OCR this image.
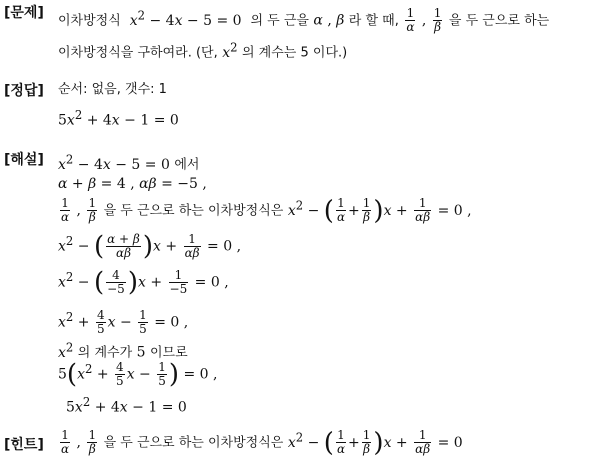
[문제]
이차방정식 $x^2 - 4x - 5 = 0$  의 두 근을 α , β 라 할 때, $\frac{1}{\alpha}$ , $\frac{1}{\beta}$ 을 두 근으로 하는
이차방정식을 구하여라. (단, $x^2$ 의 계수는 5 이다.)
[정답] 순서: 없음, 갯수: 1
$5x^2 + 4x - 1 = 0$
[해설] $x^2 - 4x - 5 = 0$ 에서
α + β = 4 , αβ = −5 ,
$\frac{1}{\alpha}$ , $\frac{1}{\beta}$ 을 두 근으로 하는 이차방정식은 $x^2$ − ( $\frac{1}{\alpha} + \frac{1}{\beta} )x + \frac{1}{\alpha\beta} = 0$ ,
$x^2$ − ( $\frac{\alpha + \beta}{\alpha\beta} )x + \frac{1}{\alpha\beta} = 0$ ,
$x^2$ − ( $\frac{4}{-5} )x + \frac{1}{-5} = 0$ ,
$x^2 + \frac{4}{5}$ $x - \frac{1}{5} = 0$ ,
$x^2$ 의 계수가 5 이므로
$5(x^2 + \frac{4}{5}$ $x - \frac{1}{5}$ ) = 0 ,
$5x^2 + 4x - 1 = 0$
[힌트] $\frac{1}{\alpha}$ , $\frac{1}{\beta}$ 을 두 근으로 하는 이차방정식은 $x^2$ − ( $\frac{1}{\alpha} + \frac{1}{\beta} )x + \frac{1}{\alpha\beta} = 0$
